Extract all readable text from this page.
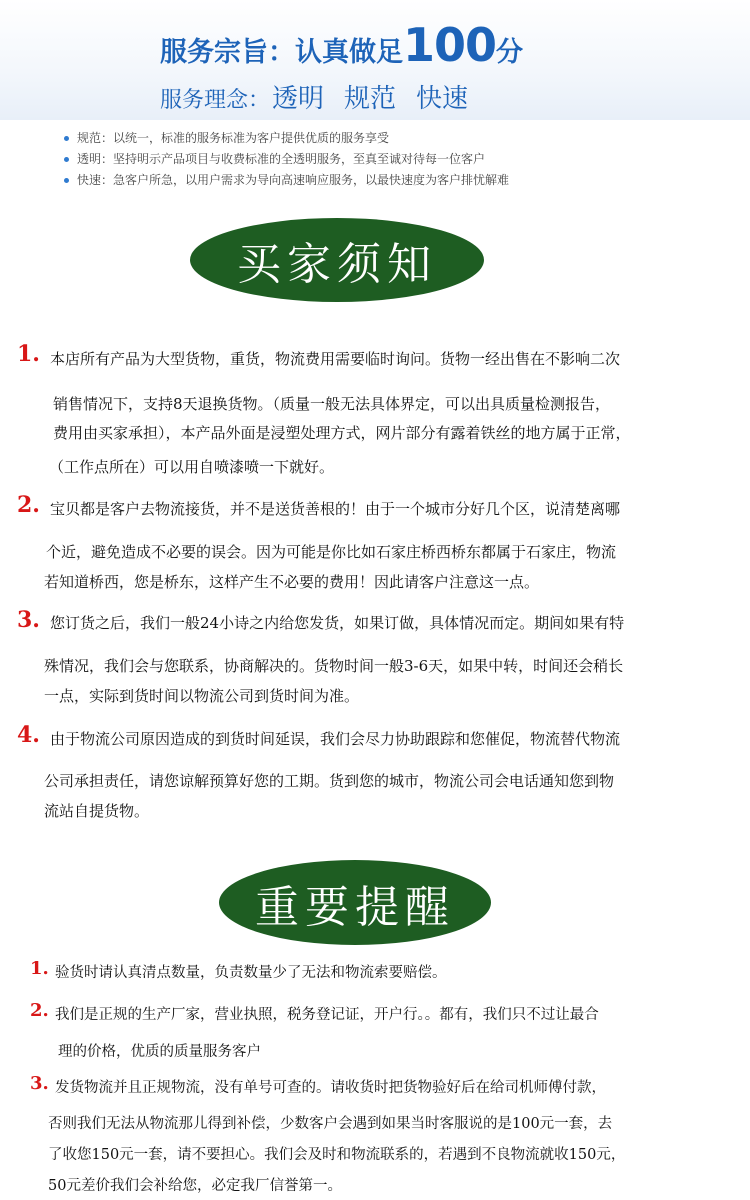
服务宗旨：认真做足100分
服务理念：透明 规范 快速
规范：以统一，标准的服务标准为客户提供优质的服务享受
透明：坚持明示产品项目与收费标准的全透明服务，至真至诚对待每一位客户
快速：急客户所急，以用户需求为导向高速响应服务，以最快速度为客户排忧解难
买家须知
1. 本店所有产品为大型货物，重货，物流费用需要临时询问。货物一经出售在不影响二次
销售情况下，支持8天退换货物。（质量一般无法具体界定，可以出具质量检测报告，
费用由买家承担），本产品外面是浸塑处理方式，网片部分有露着铁丝的地方属于正常，
（工作点所在）可以用自喷漆喷一下就好。
2. 宝贝都是客户去物流接货，并不是送货善根的！由于一个城市分好几个区，说清楚离哪
个近，避免造成不必要的误会。因为可能是你比如石家庄桥西桥东都属于石家庄，物流
若知道桥西，您是桥东，这样产生不必要的费用！因此请客户注意这一点。
3. 您订货之后，我们一般24小诗之内给您发货，如果订做，具体情况而定。期间如果有特
殊情况，我们会与您联系，协商解决的。货物时间一般3-6天，如果中转，时间还会稍长
一点，实际到货时间以物流公司到货时间为准。
4. 由于物流公司原因造成的到货时间延误，我们会尽力协助跟踪和您催促，物流替代物流
公司承担责任，请您谅解预算好您的工期。货到您的城市，物流公司会电话通知您到物
流站自提货物。
重要提醒
1. 验货时请认真清点数量，负责数量少了无法和物流索要赔偿。
2. 我们是正规的生产厂家，营业执照，税务登记证，开户行。。都有，我们只不过让最合
理的价格，优质的质量服务客户
3. 发货物流并且正规物流，没有单号可查的。请收货时把货物验好后在给司机师傅付款，
否则我们无法从物流那儿得到补偿，少数客户会遇到如果当时客服说的是100元一套，去
了收您150元一套，请不要担心。我们会及时和物流联系的，若遇到不良物流就收150元，
50元差价我们会补给您，必定我厂信誉第一。
